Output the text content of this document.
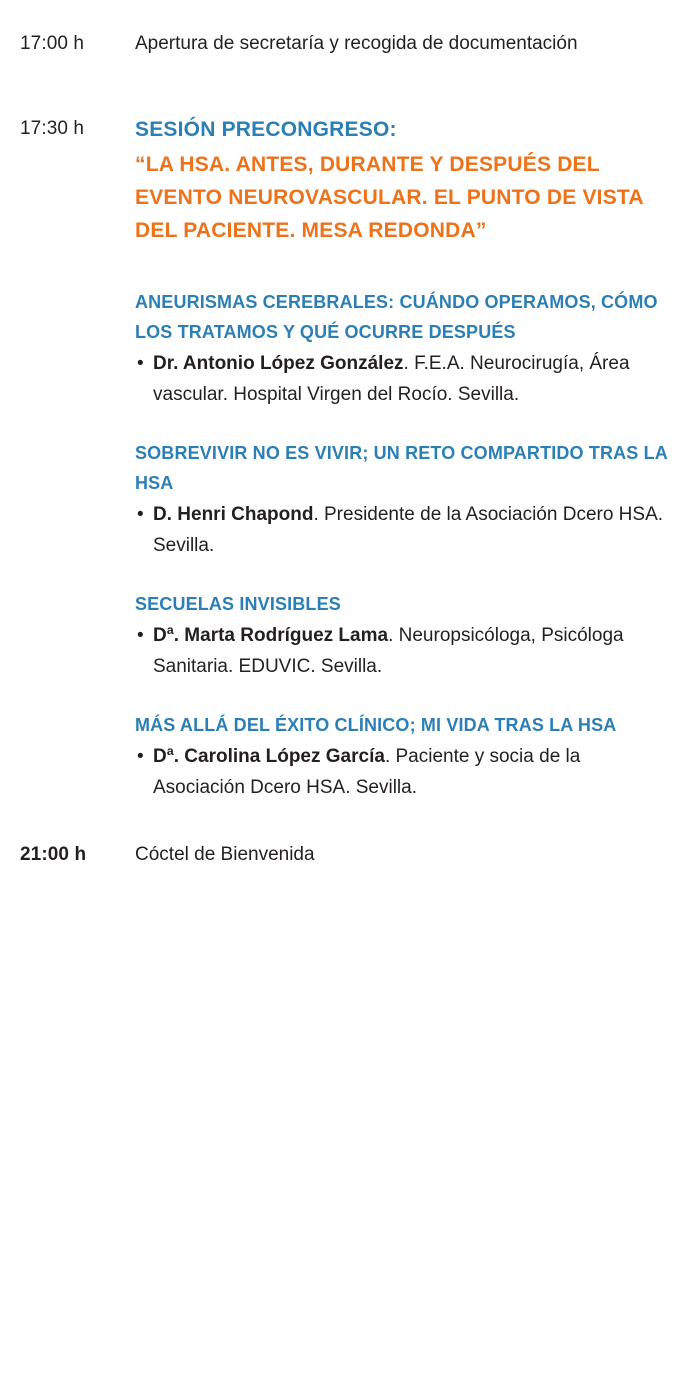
17:00 h	Apertura de secretaría y recogida de documentación
17:30 h	SESIÓN PRECONGRESO:
“LA HSA. ANTES, DURANTE Y DESPUÉS DEL EVENTO NEUROVASCULAR. EL PUNTO DE VISTA DEL PACIENTE. MESA REDONDA”
ANEURISMAS CEREBRALES: CUÁNDO OPERAMOS, CÓMO LOS TRATAMOS Y QUÉ OCURRE DESPUÉS
• Dr. Antonio López González. F.E.A. Neurocirugía, Área vascular. Hospital Virgen del Rocío. Sevilla.
SOBREVIVIR NO ES VIVIR; UN RETO COMPARTIDO TRAS LA HSA
• D. Henri Chapond. Presidente de la Asociación Dcero HSA. Sevilla.
SECUELAS INVISIBLES
• Dª. Marta Rodríguez Lama. Neuropsicóloga, Psicóloga Sanitaria. EDUVIC. Sevilla.
MÁS ALLÁ DEL ÉXITO CLÍNICO; MI VIDA TRAS LA HSA
• Dª. Carolina López García. Paciente y socia de la Asociación Dcero HSA. Sevilla.
21:00 h	Cóctel de Bienvenida
